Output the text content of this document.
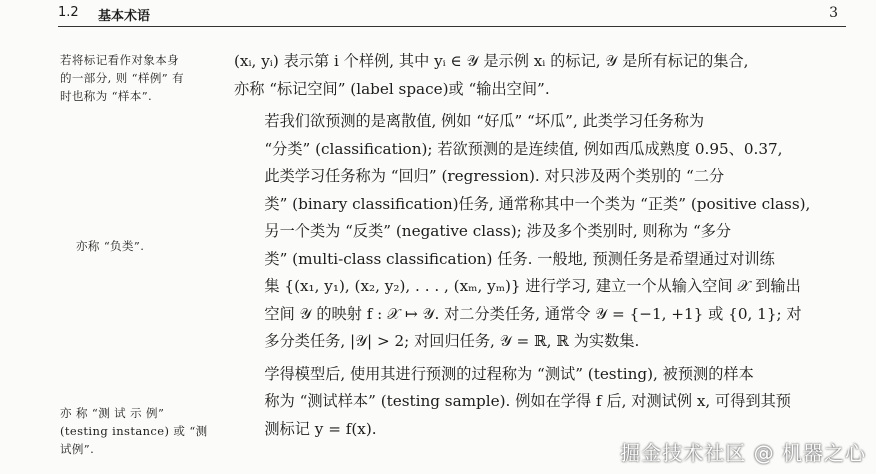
1.2 基本术语	3
若将标记看作对象本身
的一部分, 则 “样例” 有
时也称为 “样本”.
亦称 “负类”.
亦 称 “测 试 示 例”
(testing instance) 或 “测
试例”.

(xᵢ, yᵢ) 表示第 i 个样例, 其中 yᵢ ∈ 𝒴 是示例 xᵢ 的标记, 𝒴 是所有标记的集合,
亦称 “标记空间” (label space)或 “输出空间”.

若我们欲预测的是离散值, 例如 “好瓜” “坏瓜”, 此类学习任务称为
“分类” (classification); 若欲预测的是连续值, 例如西瓜成熟度 0.95、0.37,
此类学习任务称为 “回归” (regression). 对只涉及两个类别的 “二分
类” (binary classification)任务, 通常称其中一个类为 “正类” (positive class),
另一个类为 “反类” (negative class); 涉及多个类别时, 则称为 “多分
类” (multi-class classification) 任务. 一般地, 预测任务是希望通过对训练
集 {(x₁, y₁), (x₂, y₂), . . . , (xₘ, yₘ)} 进行学习, 建立一个从输入空间 𝒳 到输出
空间 𝒴 的映射 f : 𝒳 ↦ 𝒴. 对二分类任务, 通常令 𝒴 = {−1, +1} 或 {0, 1}; 对
多分类任务, |𝒴| > 2; 对回归任务, 𝒴 = ℝ, ℝ 为实数集.

学得模型后, 使用其进行预测的过程称为 “测试” (testing), 被预测的样本
称为 “测试样本” (testing sample). 例如在学得 f 后, 对测试例 x, 可得到其预
测标记 y = f(x).

掘金技术社区 @ 机器之心
